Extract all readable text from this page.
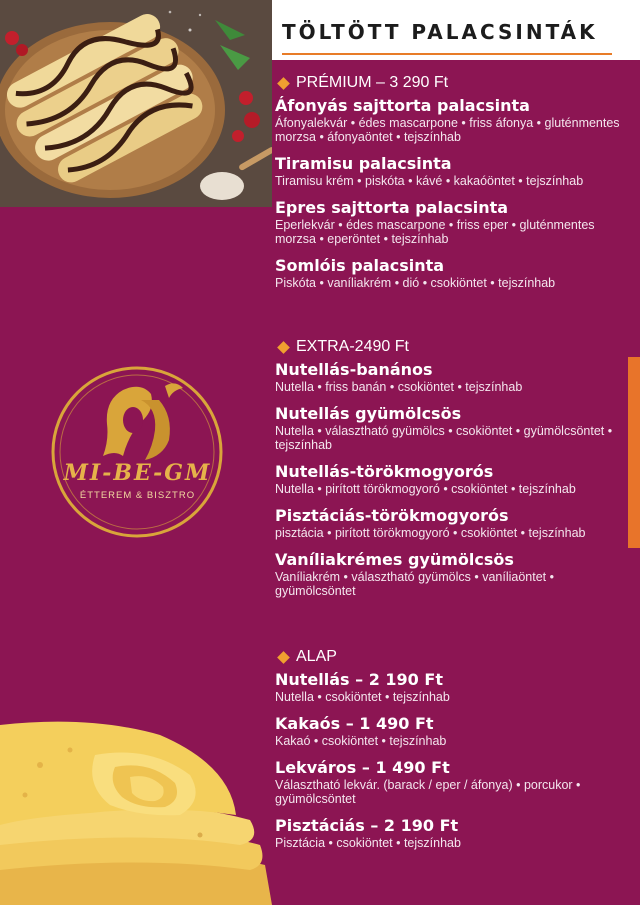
TÖLTÖTT PALACSINTÁK
MI-BE-GM
ÉTTEREM & BISZTRO

PRÉMIUM – 3 290 Ft

Áfonyás sajttorta palacsinta

Áfonyalekvár • édes mascarpone • friss áfonya • gluténmentes morzsa • áfonyaöntet • tejszínhab

Tiramisu palacsinta

Tiramisu krém • piskóta • kávé • kakaóöntet • tejszínhab

Epres sajttorta palacsinta

Eperlekvár • édes mascarpone • friss eper • gluténmentes morzsa • eperöntet • tejszínhab

Somlóis palacsinta

Piskóta • vaníliakrém • dió • csokiöntet • tejszínhab

EXTRA-2490 Ft

Nutellás-banános

Nutella • friss banán • csokiöntet • tejszínhab

Nutellás gyümölcsös

Nutella • választható gyümölcs • csokiöntet • gyümölcsöntet • tejszínhab

Nutellás-törökmogyorós

Nutella • pirított törökmogyoró • csokiöntet • tejszínhab

Pisztáciás-törökmogyorós

pisztácia • pirított törökmogyoró • csokiöntet • tejszínhab

Vaníliakrémes gyümölcsös

Vaníliakrém • választható gyümölcs • vaníliaöntet • gyümölcsöntet

ALAP

Nutellás – 2 190 Ft

Nutella • csokiöntet • tejszínhab

Kakaós – 1 490 Ft

Kakaó • csokiöntet • tejszínhab

Lekváros – 1 490 Ft

Választható lekvár. (barack / eper / áfonya) • porcukor • gyümölcsöntet

Pisztáciás – 2 190 Ft

Pisztácia • csokiöntet • tejszínhab
